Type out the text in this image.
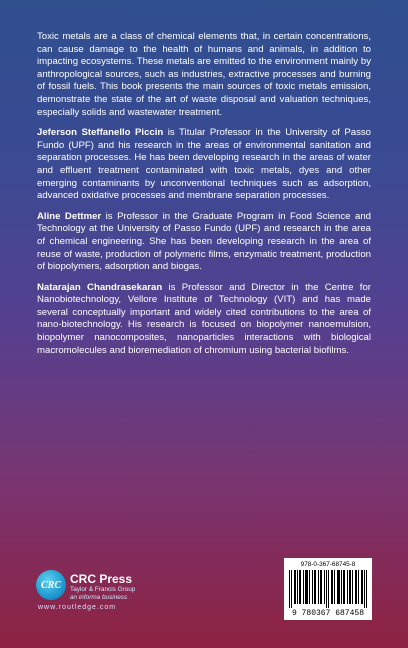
Toxic metals are a class of chemical elements that, in certain concentrations, can cause damage to the health of humans and animals, in addition to impacting ecosystems. These metals are emitted to the environment mainly by anthropological sources, such as industries, extractive processes and burning of fossil fuels. This book presents the main sources of toxic metals emission, demonstrate the state of the art of waste disposal and valuation techniques, especially solids and wastewater treatment.

Jeferson Steffanello Piccin is Titular Professor in the University of Passo Fundo (UPF) and his research in the areas of environmental sanitation and separation processes. He has been developing research in the areas of water and effluent treatment contaminated with toxic metals, dyes and other emerging contaminants by unconventional techniques such as adsorption, advanced oxidative processes and membrane separation processes.

Aline Dettmer is Professor in the Graduate Program in Food Science and Technology at the University of Passo Fundo (UPF) and research in the area of chemical engineering. She has been developing research in the area of reuse of waste, production of polymeric films, enzymatic treatment, production of biopolymers, adsorption and biogas.

Natarajan Chandrasekaran is Professor and Director in the Centre for Nanobiotechnology, Vellore Institute of Technology (VIT) and has made several conceptually important and widely cited contributions to the area of nano-biotechnology. His research is focused on biopolymer nanoemulsion, biopolymer nanocomposites, nanoparticles interactions with biological macromolecules and bioremediation of chromium using bacterial biofilms.

CRC CRC Press
Taylor & Francis Group
an informa business
www.routledge.com
978-0-367-68745-8
9 780367 687458
